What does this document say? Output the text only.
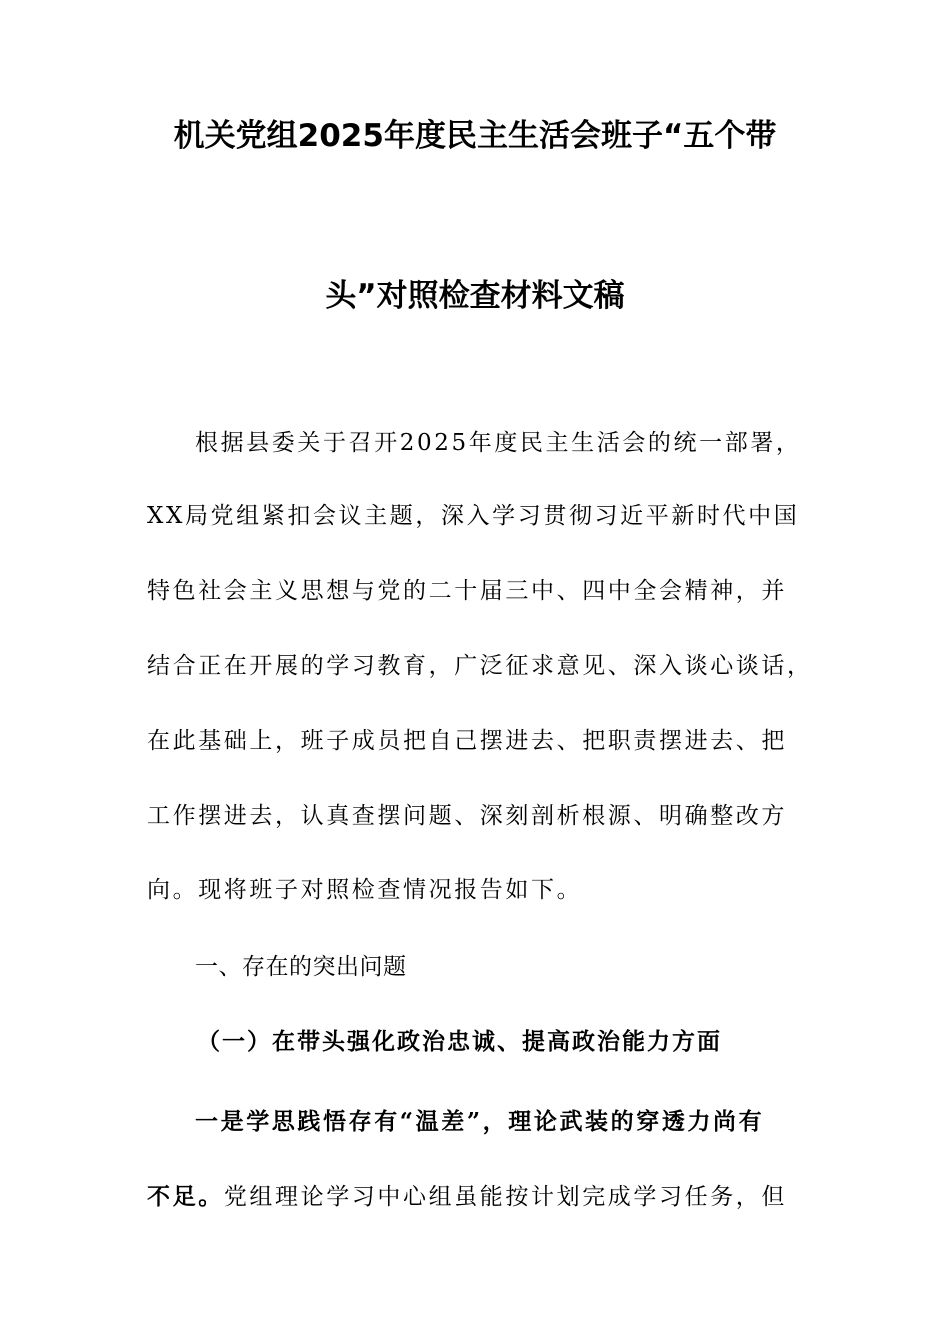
机关党组2025年度民主生活会班子“五个带
头”对照检查材料文稿
根据县委关于召开2025年度民主生活会的统一部署，
XX局党组紧扣会议主题，深入学习贯彻习近平新时代中国
特色社会主义思想与党的二十届三中、四中全会精神，并
结合正在开展的学习教育，广泛征求意见、深入谈心谈话，
在此基础上，班子成员把自己摆进去、把职责摆进去、把
工作摆进去，认真查摆问题、深刻剖析根源、明确整改方
向。现将班子对照检查情况报告如下。
一、存在的突出问题
（一）在带头强化政治忠诚、提高政治能力方面
一是学思践悟存有“温差”，理论武装的穿透力尚有
不足。党组理论学习中心组虽能按计划完成学习任务，但
